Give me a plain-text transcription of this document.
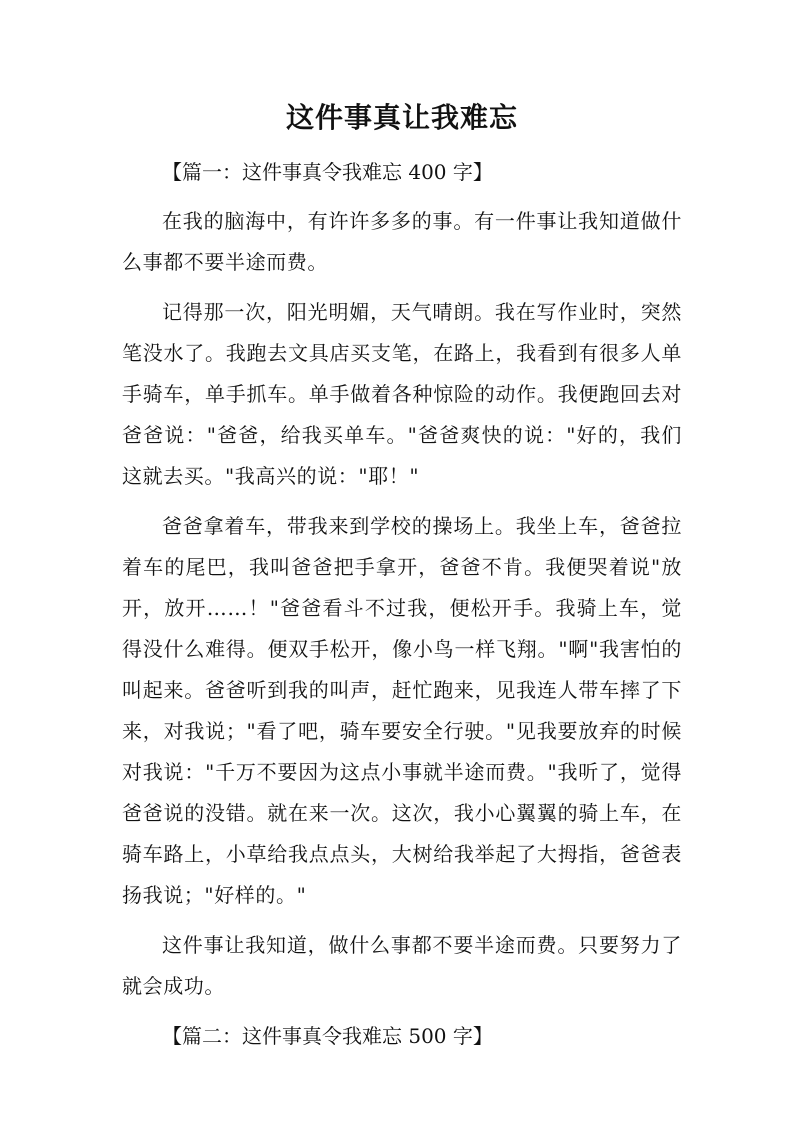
这件事真让我难忘

【篇一：这件事真令我难忘 400 字】

在我的脑海中，有许许多多的事。有一件事让我知道做什么事都不要半途而费。

记得那一次，阳光明媚，天气晴朗。我在写作业时，突然笔没水了。我跑去文具店买支笔，在路上，我看到有很多人单手骑车，单手抓车。单手做着各种惊险的动作。我便跑回去对爸爸说："爸爸，给我买单车。"爸爸爽快的说："好的，我们这就去买。"我高兴的说："耶！"

爸爸拿着车，带我来到学校的操场上。我坐上车，爸爸拉着车的尾巴，我叫爸爸把手拿开，爸爸不肯。我便哭着说"放开，放开……！"爸爸看斗不过我，便松开手。我骑上车，觉得没什么难得。便双手松开，像小鸟一样飞翔。"啊"我害怕的叫起来。爸爸听到我的叫声，赶忙跑来，见我连人带车摔了下来，对我说；"看了吧，骑车要安全行驶。"见我要放弃的时候对我说："千万不要因为这点小事就半途而费。"我听了，觉得爸爸说的没错。就在来一次。这次，我小心翼翼的骑上车，在骑车路上，小草给我点点头，大树给我举起了大拇指，爸爸表扬我说；"好样的。"

这件事让我知道，做什么事都不要半途而费。只要努力了就会成功。

【篇二：这件事真令我难忘 500 字】
